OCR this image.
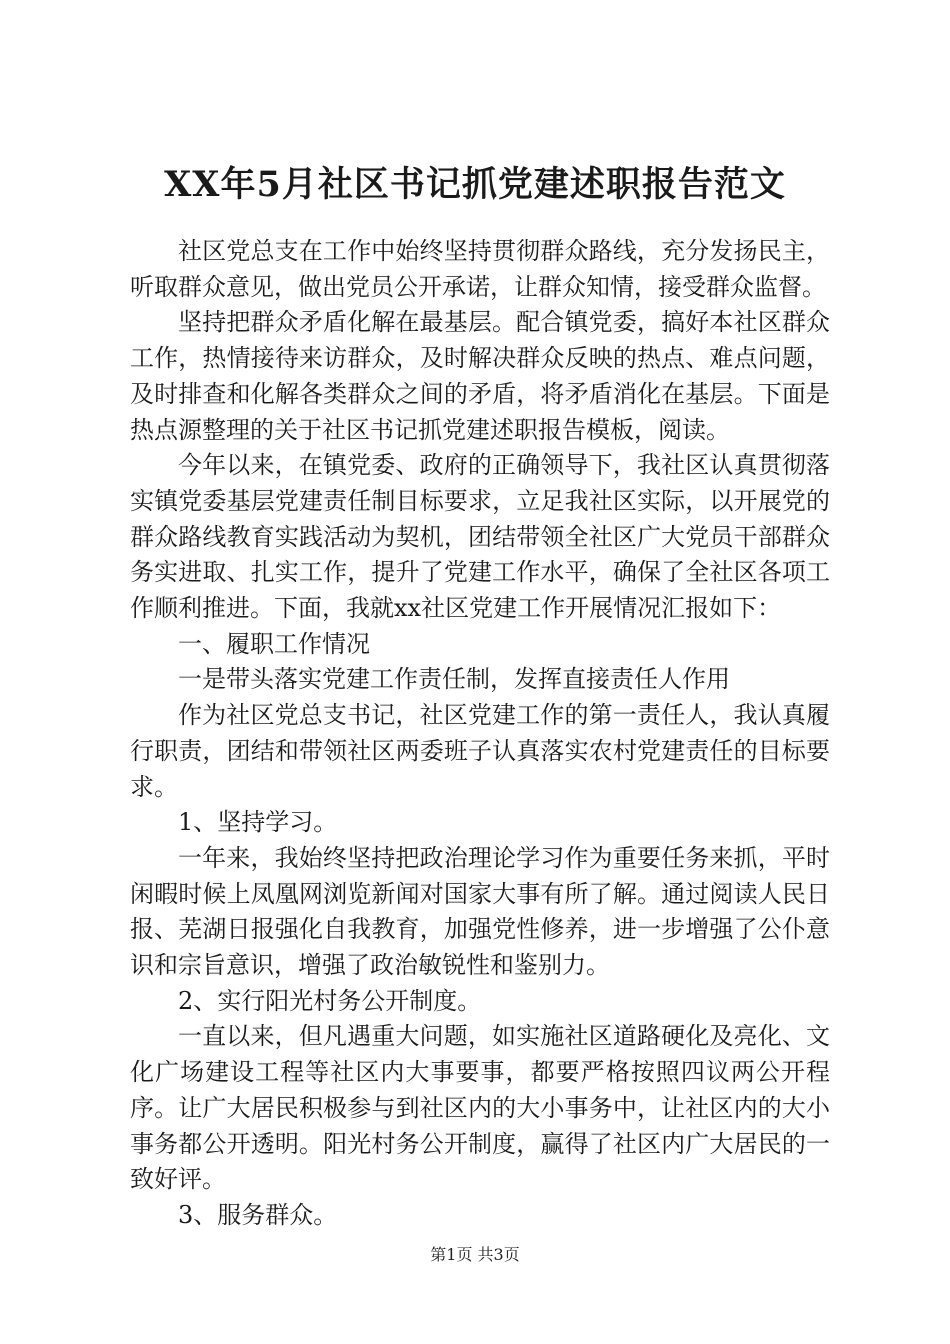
XX年5月社区书记抓党建述职报告范文

社区党总支在工作中始终坚持贯彻群众路线，充分发扬民主，听取群众意见，做出党员公开承诺，让群众知情，接受群众监督。

坚持把群众矛盾化解在最基层。配合镇党委，搞好本社区群众工作，热情接待来访群众，及时解决群众反映的热点、难点问题，及时排查和化解各类群众之间的矛盾，将矛盾消化在基层。下面是热点源整理的关于社区书记抓党建述职报告模板，阅读。

今年以来，在镇党委、政府的正确领导下，我社区认真贯彻落实镇党委基层党建责任制目标要求，立足我社区实际，以开展党的群众路线教育实践活动为契机，团结带领全社区广大党员干部群众务实进取、扎实工作，提升了党建工作水平，确保了全社区各项工作顺利推进。下面，我就xx社区党建工作开展情况汇报如下：

一、履职工作情况

一是带头落实党建工作责任制，发挥直接责任人作用

作为社区党总支书记，社区党建工作的第一责任人，我认真履行职责，团结和带领社区两委班子认真落实农村党建责任的目标要求。

1、坚持学习。

一年来，我始终坚持把政治理论学习作为重要任务来抓，平时闲暇时候上凤凰网浏览新闻对国家大事有所了解。通过阅读人民日报、芜湖日报强化自我教育，加强党性修养，进一步增强了公仆意识和宗旨意识，增强了政治敏锐性和鉴别力。

2、实行阳光村务公开制度。

一直以来，但凡遇重大问题，如实施社区道路硬化及亮化、文化广场建设工程等社区内大事要事，都要严格按照四议两公开程序。让广大居民积极参与到社区内的大小事务中，让社区内的大小事务都公开透明。阳光村务公开制度，赢得了社区内广大居民的一致好评。

3、服务群众。

第1页 共3页
